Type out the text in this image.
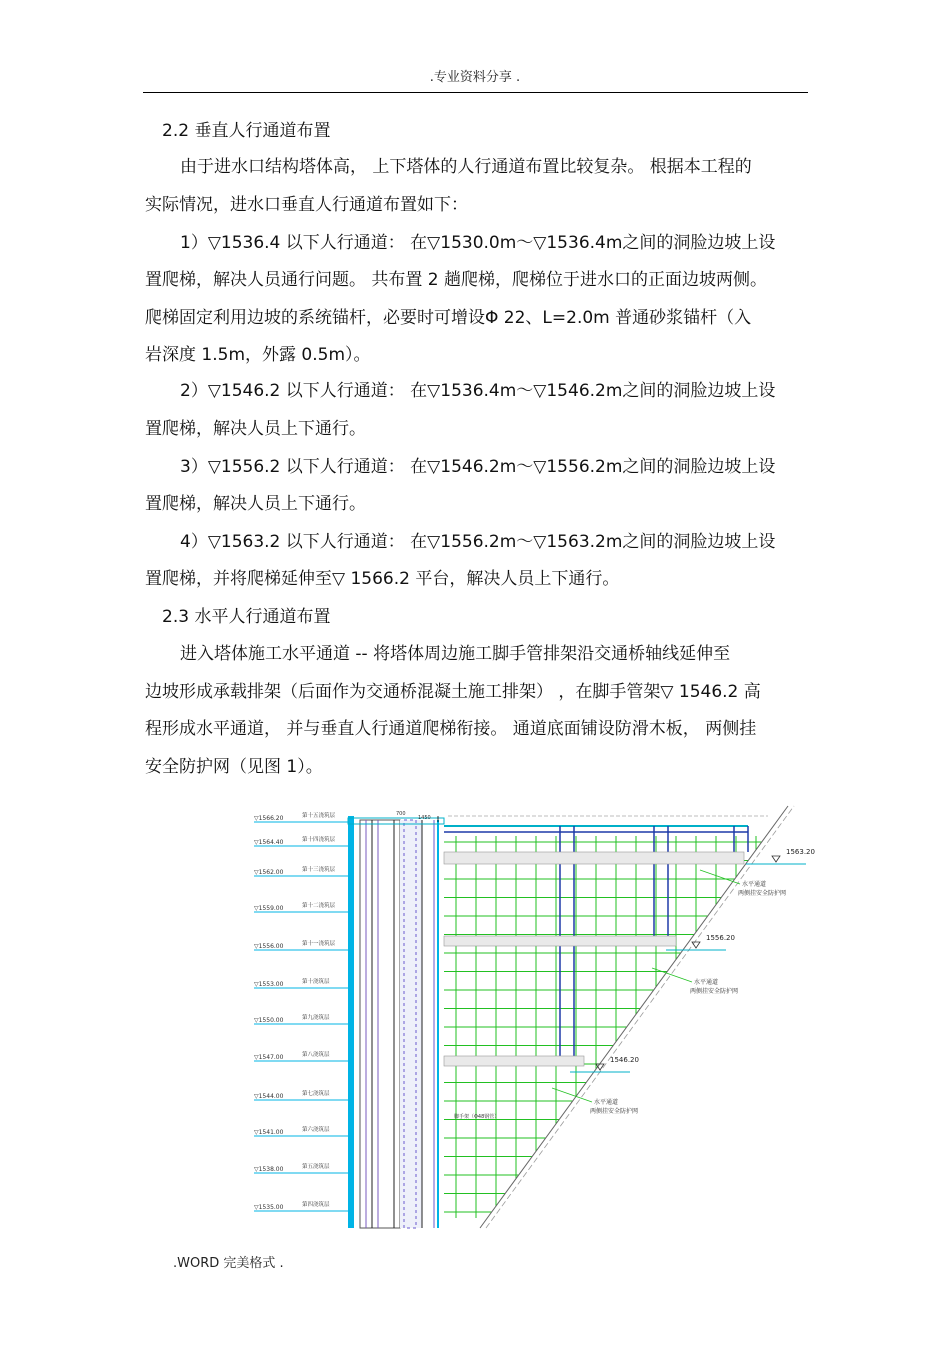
.专业资料分享 .
2.2 垂直人行通道布置
由于进水口结构塔体高， 上下塔体的人行通道布置比较复杂。 根据本工程的
实际情况，进水口垂直人行通道布置如下：
1）▽1536.4 以下人行通道： 在▽1530.0m～▽1536.4m之间的洞脸边坡上设
置爬梯，解决人员通行问题。 共布置 2 趟爬梯，爬梯位于进水口的正面边坡两侧。
爬梯固定利用边坡的系统锚杆，必要时可增设Φ 22、L=2.0m 普通砂浆锚杆（入
岩深度 1.5m，外露 0.5m）。
2）▽1546.2 以下人行通道： 在▽1536.4m～▽1546.2m之间的洞脸边坡上设
置爬梯，解决人员上下通行。
3）▽1556.2 以下人行通道： 在▽1546.2m～▽1556.2m之间的洞脸边坡上设
置爬梯，解决人员上下通行。
4）▽1563.2 以下人行通道： 在▽1556.2m～▽1563.2m之间的洞脸边坡上设
置爬梯，并将爬梯延伸至▽ 1566.2 平台，解决人员上下通行。
2.3 水平人行通道布置
进入塔体施工水平通道 -- 将塔体周边施工脚手管排架沿交通桥轴线延伸至
边坡形成承载排架（后面作为交通桥混凝土施工排架） ，在脚手管架▽ 1546.2 高
程形成水平通道， 并与垂直人行通道爬梯衔接。 通道底面铺设防滑木板， 两侧挂
安全防护网（见图 1）。
▽1566.20	第十五浇筑层
▽1564.40	第十四浇筑层
▽1562.00	第十三浇筑层
▽1559.00	第十二浇筑层
▽1556.00	第十一浇筑层
▽1553.00	第十浇筑层
▽1550.00	第九浇筑层
▽1547.00	第八浇筑层
▽1544.00	第七浇筑层
▽1541.00	第六浇筑层
▽1538.00	第五浇筑层
▽1535.00	第四浇筑层
1563.20
1556.20
1546.20
水平通道
两侧挂安全防护网
水平通道
两侧挂安全防护网
水平通道
两侧挂安全防护网
脚手架（Φ48钢管）
700
1450
.WORD 完美格式 .
